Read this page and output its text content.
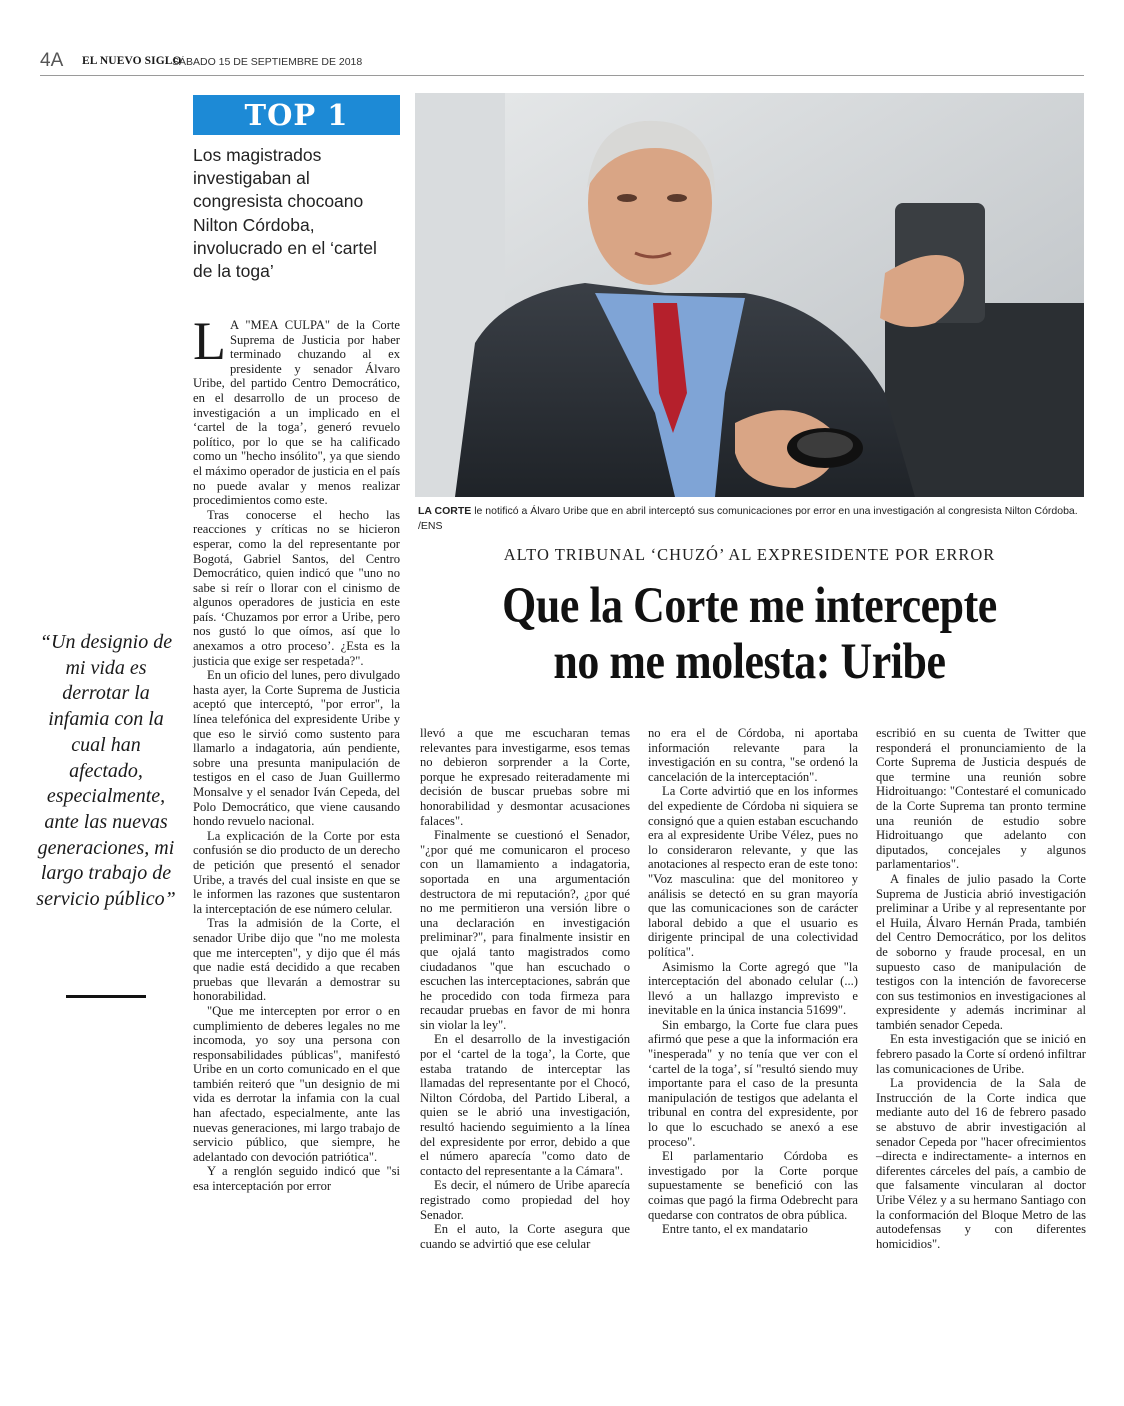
4A EL NUEVO SIGLO
SÁBADO 15 DE SEPTIEMBRE DE 2018
TOP 1
Los magistrados investigaban al congresista chocoano Nilton Córdoba, involucrado en el ‘cartel de la toga’
LA CORTE le notificó a Álvaro Uribe que en abril interceptó sus comunicaciones por error en una investigación al congresista Nilton Córdoba. /ENS
ALTO TRIBUNAL ‘CHUZÓ’ AL EXPRESIDENTE POR ERROR
Que la Corte me intercepte
no me molesta: Uribe
“Un designio de mi vida es derrotar la infamia con la cual han afectado, especialmente, ante las nuevas generaciones, mi largo trabajo de servicio público”

L A "MEA CULPA" de la Corte Suprema de Justicia por haber terminado chuzando al ex presidente y senador Álvaro Uribe, del partido Centro Democrático, en el desarrollo de un proceso de investigación a un implicado en el ‘cartel de la toga’, generó revuelo político, por lo que se ha calificado como un "hecho insólito", ya que siendo el máximo operador de justicia en el país no puede avalar y menos realizar procedimientos como este.

Tras conocerse el hecho las reacciones y críticas no se hicieron esperar, como la del representante por Bogotá, Gabriel Santos, del Centro Democrático, quien indicó que "uno no sabe si reír o llorar con el cinismo de algunos operadores de justicia en este país. ‘Chuzamos por error a Uribe, pero nos gustó lo que oímos, así que lo anexamos a otro proceso’. ¿Esta es la justicia que exige ser respetada?".

En un oficio del lunes, pero divulgado hasta ayer, la Corte Suprema de Justicia aceptó que interceptó, "por error", la línea telefónica del expresidente Uribe y que eso le sirvió como sustento para llamarlo a indagatoria, aún pendiente, sobre una presunta manipulación de testigos en el caso de Juan Guillermo Monsalve y el senador Iván Cepeda, del Polo Democrático, que viene causando hondo revuelo nacional.

La explicación de la Corte por esta confusión se dio producto de un derecho de petición que presentó el senador Uribe, a través del cual insiste en que se le informen las razones que sustentaron la interceptación de ese número celular.

Tras la admisión de la Corte, el senador Uribe dijo que "no me molesta que me intercepten", y dijo que él más que nadie está decidido a que recaben pruebas que llevarán a demostrar su honorabilidad.

"Que me intercepten por error o en cumplimiento de deberes legales no me incomoda, yo soy una persona con responsabilidades públicas", manifestó Uribe en un corto comunicado en el que también reiteró que "un designio de mi vida es derrotar la infamia con la cual han afectado, especialmente, ante las nuevas generaciones, mi largo trabajo de servicio público, que siempre, he adelantado con devoción patriótica".

Y a renglón seguido indicó que "si esa interceptación por error

llevó a que me escucharan temas relevantes para investigarme, esos temas no debieron sorprender a la Corte, porque he expresado reiteradamente mi decisión de buscar pruebas sobre mi honorabilidad y desmontar acusaciones falaces".

Finalmente se cuestionó el Senador, "¿por qué me comunicaron el proceso con un llamamiento a indagatoria, soportada en una argumentación destructora de mi reputación?, ¿por qué no me permitieron una versión libre o una declaración en investigación preliminar?", para finalmente insistir en que ojalá tanto magistrados como ciudadanos "que han escuchado o escuchen las interceptaciones, sabrán que he procedido con toda firmeza para recaudar pruebas en favor de mi honra sin violar la ley".

En el desarrollo de la investigación por el ‘cartel de la toga’, la Corte, que estaba tratando de interceptar las llamadas del representante por el Chocó, Nilton Córdoba, del Partido Liberal, a quien se le abrió una investigación, resultó haciendo seguimiento a la línea del expresidente por error, debido a que el número aparecía "como dato de contacto del representante a la Cámara".

Es decir, el número de Uribe aparecía registrado como propiedad del hoy Senador.

En el auto, la Corte asegura que cuando se advirtió que ese celular

no era el de Córdoba, ni aportaba información relevante para la investigación en su contra, "se ordenó la cancelación de la interceptación".

La Corte advirtió que en los informes del expediente de Córdoba ni siquiera se consignó que a quien estaban escuchando era al expresidente Uribe Vélez, pues no lo consideraron relevante, y que las anotaciones al respecto eran de este tono: "Voz masculina: que del monitoreo y análisis se detectó en su gran mayoría que las comunicaciones son de carácter laboral debido a que el usuario es dirigente principal de una colectividad política".

Asimismo la Corte agregó que "la interceptación del abonado celular (...) llevó a un hallazgo imprevisto e inevitable en la única instancia 51699".

Sin embargo, la Corte fue clara pues afirmó que pese a que la información era "inesperada" y no tenía que ver con el ‘cartel de la toga’, sí "resultó siendo muy importante para el caso de la presunta manipulación de testigos que adelanta el tribunal en contra del expresidente, por lo que lo escuchado se anexó a ese proceso".

El parlamentario Córdoba es investigado por la Corte porque supuestamente se benefició con las coimas que pagó la firma Odebrecht para quedarse con contratos de obra pública.

Entre tanto, el ex mandatario

escribió en su cuenta de Twitter que responderá el pronunciamiento de la Corte Suprema de Justicia después de que termine una reunión sobre Hidroituango: "Contestaré el comunicado de la Corte Suprema tan pronto termine una reunión de estudio sobre Hidroituango que adelanto con diputados, concejales y algunos parlamentarios".

A finales de julio pasado la Corte Suprema de Justicia abrió investigación preliminar a Uribe y al representante por el Huila, Álvaro Hernán Prada, también del Centro Democrático, por los delitos de soborno y fraude procesal, en un supuesto caso de manipulación de testigos con la intención de favorecerse con sus testimonios en investigaciones al expresidente y además incriminar al también senador Cepeda.

En esta investigación que se inició en febrero pasado la Corte sí ordenó infiltrar las comunicaciones de Uribe.

La providencia de la Sala de Instrucción de la Corte indica que mediante auto del 16 de febrero pasado se abstuvo de abrir investigación al senador Cepeda por "hacer ofrecimientos –directa e indirectamente- a internos en diferentes cárceles del país, a cambio de que falsamente vincularan al doctor Uribe Vélez y a su hermano Santiago con la conformación del Bloque Metro de las autodefensas y con diferentes homicidios".
